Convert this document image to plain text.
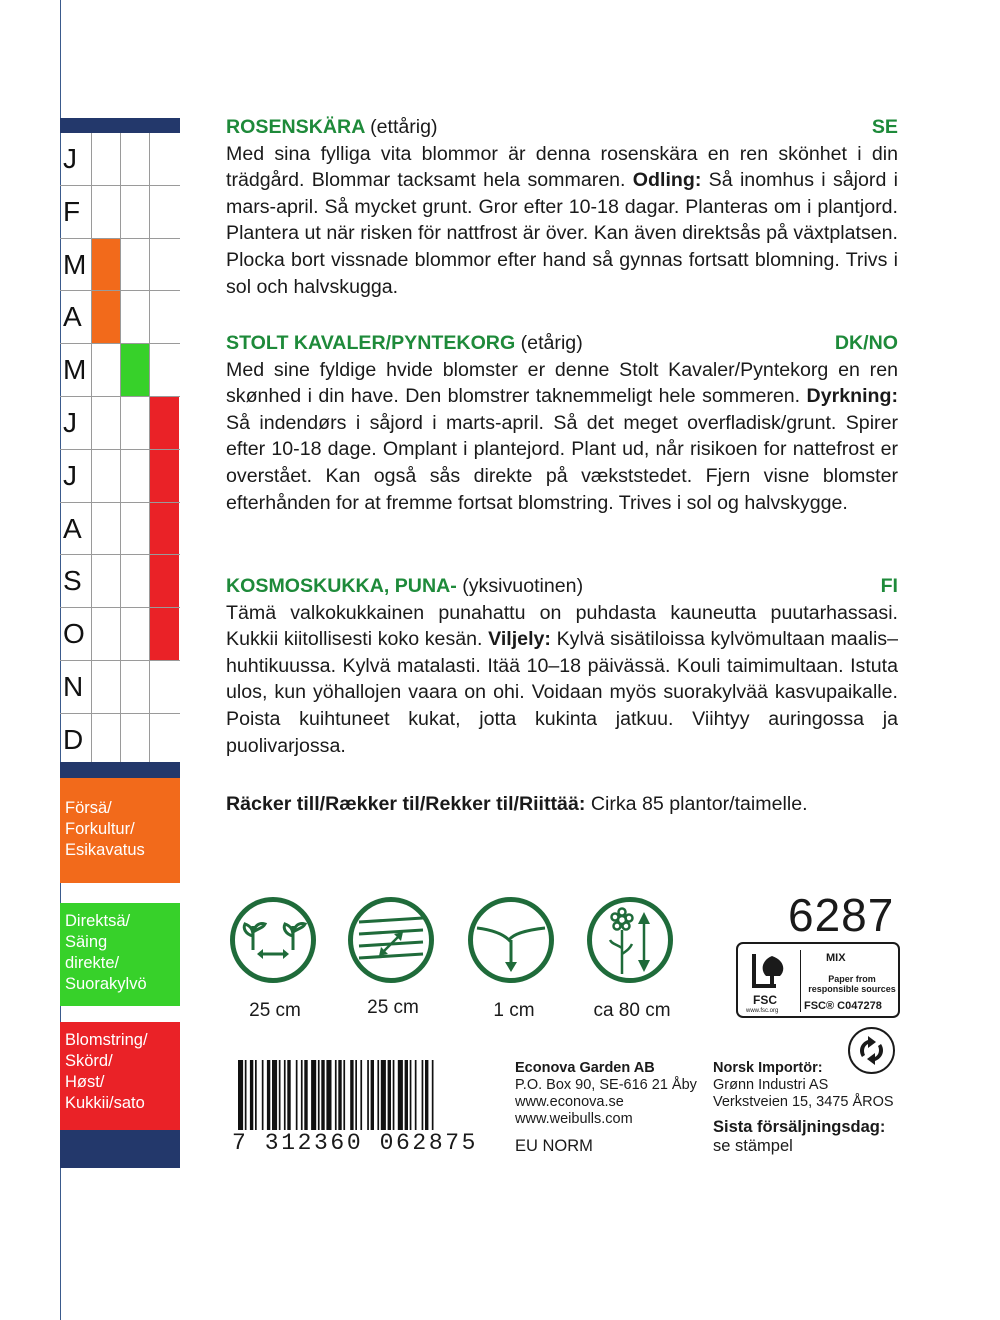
J
F
M
A
M
J
J
A
S
O
N
D
Försä/
Forkultur/
Esikavatus
Direktsä/
Säing
direkte/
Suorakylvö
Blomstring/
Skörd/
Høst/
Kukkii/sato
ROSENSKÄRA (ettårig)	SE

Med sina fylliga vita blommor är denna rosenskära en ren skönhet i din trädgård. Blommar tacksamt hela sommaren. Odling: Så inomhus i såjord i mars-april. Så mycket grunt. Gror efter 10-18 dagar. Planteras om i plantjord. Plantera ut när risken för nattfrost är över. Kan även direktsås på växtplatsen. Plocka bort vissnade blommor efter hand så gynnas fortsatt blomning. Trivs i sol och halvskugga.

STOLT KAVALER/PYNTEKORG (etårig)	DK/NO

Med sine fyldige hvide blomster er denne Stolt Kavaler/Pyntekorg en ren skønhed i din have. Den blomstrer taknemmeligt hele sommeren. Dyrkning: Så indendørs i såjord i marts-april. Så det meget overfladisk/grunt. Spirer efter 10-18 dage. Omplant i plantejord. Plant ud, når risikoen for nattefrost er overstået. Kan også sås direkte på vækststedet. Fjern visne blomster efterhånden for at fremme fortsat blomstring. Trives i sol og halvskygge.

KOSMOSKUKKA, PUNA- (yksivuotinen)	FI

Tämä valkokukkainen punahattu on puhdasta kauneutta puutarhassasi. Kukkii kiitollisesti koko kesän. Viljely: Kylvä sisätiloissa kylvömultaan maalis–huhtikuussa. Kylvä matalasti. Itää 10–18 päivässä. Kouli taimimultaan. Istuta ulos, kun yöhallojen vaara on ohi. Voidaan myös suorakylvää kasvupaikalle. Poista kuihtuneet kukat, jotta kukinta jatkuu. Viihtyy auringossa ja puolivarjossa.

Räcker till/Rækker til/Rekker til/Riittää: Cirka 85 plantor/taimelle.
25 cm	25 cm	1 cm	ca 80 cm
6287
FSC
www.fsc.org
MIX
Paper from responsible sources
FSC® C047278
7 312360 062875
Econova Garden AB
P.O. Box 90, SE-616 21 Åby
www.econova.se
www.weibulls.com
EU NORM
Norsk Importör:
Grønn Industri AS
Verkstveien 15, 3475 ÅROS
Sista försäljningsdag:
se stämpel
